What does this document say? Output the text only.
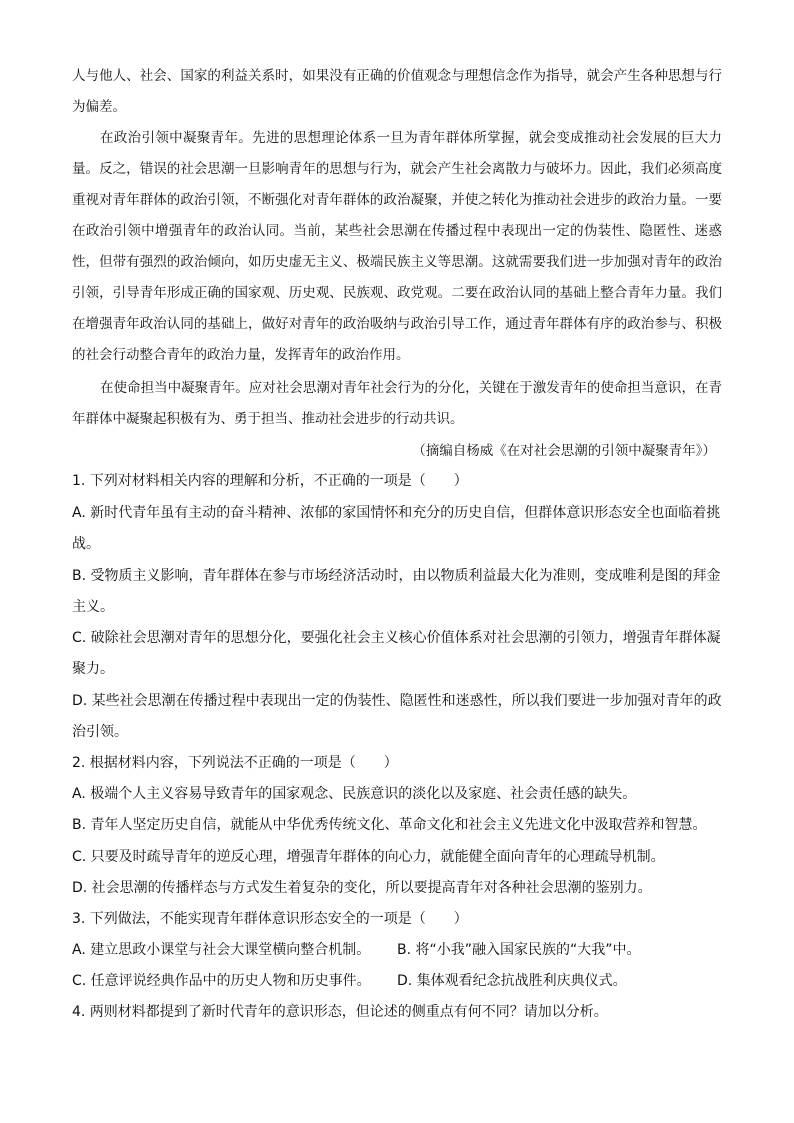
人与他人、社会、国家的利益关系时，如果没有正确的价值观念与理想信念作为指导，就会产生各种思想与行为偏差。
在政治引领中凝聚青年。先进的思想理论体系一旦为青年群体所掌握，就会变成推动社会发展的巨大力量。反之，错误的社会思潮一旦影响青年的思想与行为，就会产生社会离散力与破坏力。因此，我们必须高度重视对青年群体的政治引领，不断强化对青年群体的政治凝聚，并使之转化为推动社会进步的政治力量。一要在政治引领中增强青年的政治认同。当前，某些社会思潮在传播过程中表现出一定的伪装性、隐匿性、迷惑性，但带有强烈的政治倾向，如历史虚无主义、极端民族主义等思潮。这就需要我们进一步加强对青年的政治引领，引导青年形成正确的国家观、历史观、民族观、政党观。二要在政治认同的基础上整合青年力量。我们在增强青年政治认同的基础上，做好对青年的政治吸纳与政治引导工作，通过青年群体有序的政治参与、积极的社会行动整合青年的政治力量，发挥青年的政治作用。
在使命担当中凝聚青年。应对社会思潮对青年社会行为的分化，关键在于激发青年的使命担当意识，在青年群体中凝聚起积极有为、勇于担当、推动社会进步的行动共识。
（摘编自杨威《在对社会思潮的引领中凝聚青年》）
1. 下列对材料相关内容的理解和分析，不正确的一项是（　　）
A. 新时代青年虽有主动的奋斗精神、浓郁的家国情怀和充分的历史自信，但群体意识形态安全也面临着挑战。
B. 受物质主义影响，青年群体在参与市场经济活动时，由以物质利益最大化为准则，变成唯利是图的拜金主义。
C. 破除社会思潮对青年的思想分化，要强化社会主义核心价值体系对社会思潮的引领力，增强青年群体凝聚力。
D. 某些社会思潮在传播过程中表现出一定的伪装性、隐匿性和迷惑性，所以我们要进一步加强对青年的政治引领。
2. 根据材料内容，下列说法不正确的一项是（　　）
A. 极端个人主义容易导致青年的国家观念、民族意识的淡化以及家庭、社会责任感的缺失。
B. 青年人坚定历史自信，就能从中华优秀传统文化、革命文化和社会主义先进文化中汲取营养和智慧。
C. 只要及时疏导青年的逆反心理，增强青年群体的向心力，就能健全面向青年的心理疏导机制。
D. 社会思潮的传播样态与方式发生着复杂的变化，所以要提高青年对各种社会思潮的鉴别力。
3. 下列做法，不能实现青年群体意识形态安全的一项是（　　）
A. 建立思政小课堂与社会大课堂横向整合机制。 B. 将“小我”融入国家民族的“大我”中。
C. 任意评说经典作品中的历史人物和历史事件。 D. 集体观看纪念抗战胜利庆典仪式。
4. 两则材料都提到了新时代青年的意识形态，但论述的侧重点有何不同？请加以分析。
